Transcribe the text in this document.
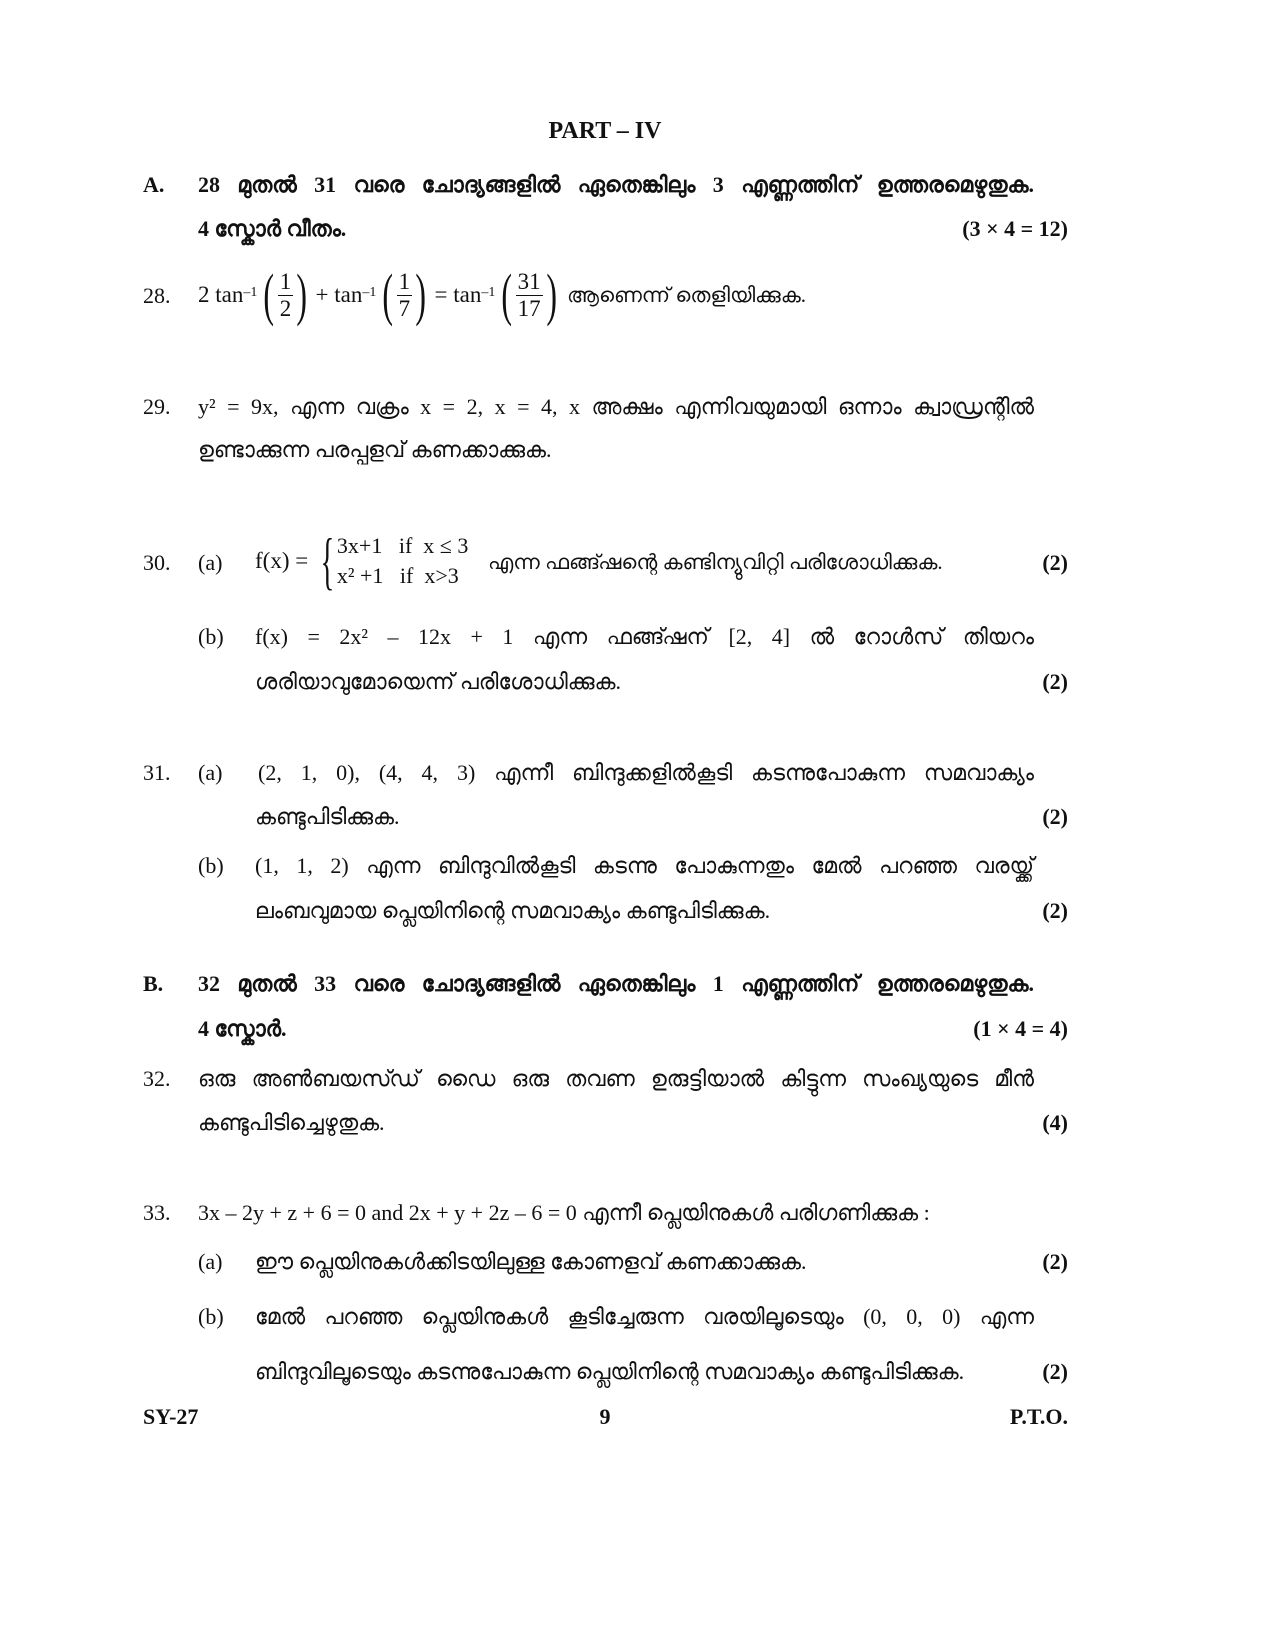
PART – IV
A. 28 മുതൽ 31 വരെ ചോദ്യങ്ങളിൽ ഏതെങ്കിലും 3 എണ്ണത്തിന് ഉത്തരമെഴുതുക.
4 സ്കോർ വീതം.	(3 × 4 = 12)
28. 2 tan –1 ( $\frac{1}{2}$ ) + tan –1 ( $\frac{1}{7}$ ) = tan –1 ( $\frac{31}{17}$ ) ആണെന്ന് തെളിയിക്കുക.
29. y² = 9x, എന്ന വക്രം x = 2, x = 4, x അക്ഷം എന്നിവയുമായി ഒന്നാം ക്വാഡ്രന്റിൽ
ഉണ്ടാക്കുന്ന പരപ്പളവ് കണക്കാക്കുക.
30. (a) f(x) = { 3x+1   if  x ≤ 3
x² +1   if  x>3
എന്ന ഫങ്ങ്ഷന്റെ കണ്ടിന്യുവിറ്റി പരിശോധിക്കുക.	(2)
(b) f(x) = 2x² – 12x + 1 എന്ന ഫങ്ങ്ഷന് [2, 4] ൽ റോൾസ് തിയറം
ശരിയാവുമോയെന്ന് പരിശോധിക്കുക.	(2)
31. (a) (2, 1, 0), (4, 4, 3) എന്നീ ബിന്ദുക്കളിൽകൂടി കടന്നുപോകുന്ന സമവാക്യം
കണ്ടുപിടിക്കുക.	(2)
(b) (1, 1, 2) എന്ന ബിന്ദുവിൽകൂടി കടന്നു പോകുന്നതും മേൽ പറഞ്ഞ വരയ്ക്ക്
ലംബവുമായ പ്ലെയിനിന്റെ സമവാക്യം കണ്ടുപിടിക്കുക.	(2)
B. 32 മുതൽ 33 വരെ ചോദ്യങ്ങളിൽ ഏതെങ്കിലും 1 എണ്ണത്തിന് ഉത്തരമെഴുതുക.
4 സ്കോർ.	(1 × 4 = 4)
32. ഒരു അൺബയസ്ഡ് ഡൈ ഒരു തവണ ഉരുട്ടിയാൽ കിട്ടുന്ന സംഖ്യയുടെ മീൻ
കണ്ടുപിടിച്ചെഴുതുക.	(4)
33. 3x – 2y + z + 6 = 0 and 2x + y + 2z – 6 = 0 എന്നീ പ്ലെയിനുകൾ പരിഗണിക്കുക :
(a) ഈ പ്ലെയിനുകൾക്കിടയിലുള്ള കോണളവ് കണക്കാക്കുക.	(2)
(b) മേൽ പറഞ്ഞ പ്ലെയിനുകൾ കൂടിച്ചേരുന്ന വരയിലൂടെയും (0, 0, 0) എന്ന
ബിന്ദുവിലൂടെയും കടന്നുപോകുന്ന പ്ലെയിനിന്റെ സമവാക്യം കണ്ടുപിടിക്കുക.	(2)
SY-27	9	P.T.O.
